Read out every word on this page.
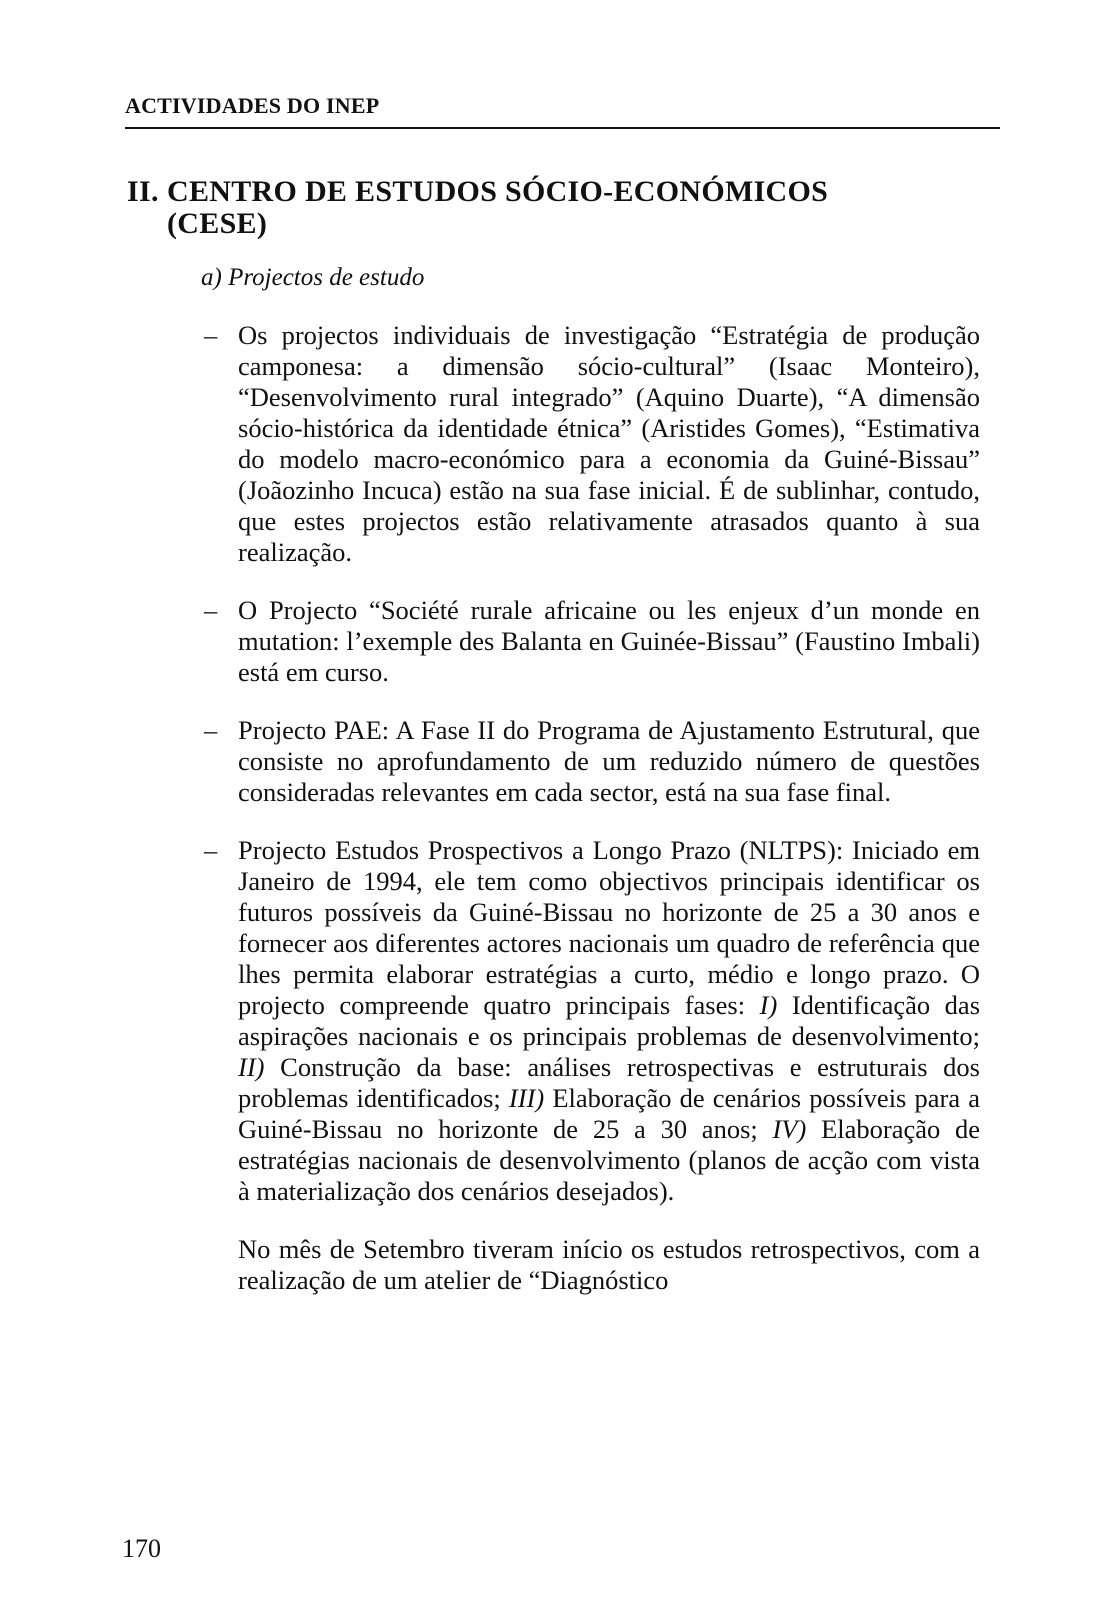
ACTIVIDADES DO INEP
II. CENTRO DE ESTUDOS SÓCIO-ECONÓMICOS
(CESE)
a) Projectos de estudo
– Os projectos individuais de investigação “Estratégia de produção camponesa: a dimensão sócio-cultural” (Isaac Monteiro), “Desenvolvimento rural integrado” (Aquino Duarte), “A dimensão sócio-histórica da identidade étnica” (Aristides Gomes), “Estimativa do modelo macro-económico para a economia da Guiné-Bissau” (Joãozinho Incuca) estão na sua fase inicial. É de sublinhar, contudo, que estes projectos estão relativamente atrasados quanto à sua realização.
– O Projecto “Société rurale africaine ou les enjeux d’un monde en mutation: l’exemple des Balanta en Guinée-Bissau” (Faustino Imbali) está em curso.
– Projecto PAE: A Fase II do Programa de Ajustamento Estrutural, que consiste no aprofundamento de um reduzido número de questões consideradas relevantes em cada sector, está na sua fase final.
– Projecto Estudos Prospectivos a Longo Prazo (NLTPS): Iniciado em Janeiro de 1994, ele tem como objectivos principais identificar os futuros possíveis da Guiné-Bissau no horizonte de 25 a 30 anos e fornecer aos diferentes actores nacionais um quadro de referência que lhes permita elaborar estratégias a curto, médio e longo prazo. O projecto compreende quatro principais fases: I) Identificação das aspirações nacionais e os principais problemas de desenvolvimento; II) Construção da base: análises retrospectivas e estruturais dos problemas identificados; III) Elaboração de cenários possíveis para a Guiné-Bissau no horizonte de 25 a 30 anos; IV) Elaboração de estratégias nacionais de desenvolvimento (planos de acção com vista à materialização dos cenários desejados).
No mês de Setembro tiveram início os estudos retrospectivos, com a realização de um atelier de “Diagnóstico
170
